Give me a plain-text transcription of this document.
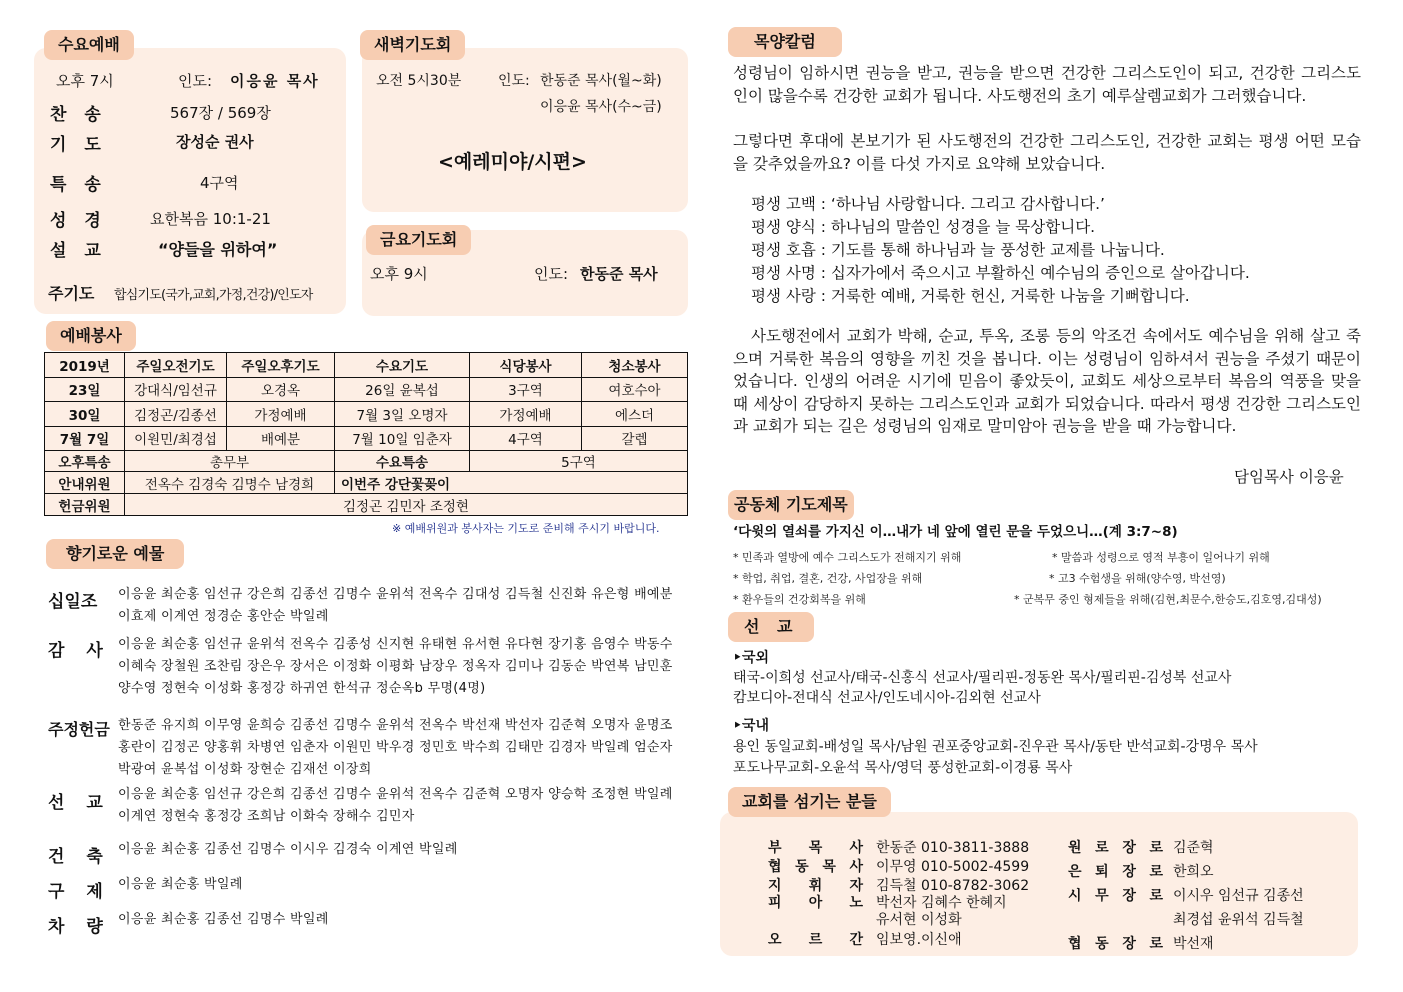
수요예배
오후 7시	인도: 이응윤 목사
찬 송	567장 / 569장
기 도	장성순 권사
특 송	4구역
성 경	요한복음 10:1-21
설 교	“양들을 위하여”
주기도 합심기도(국가,교회,가정,건강)/인도자
새벽기도회
오전 5시30분	인도: 한동준 목사(월~화)
이응윤 목사(수~금)
<예레미야/시편>
금요기도회
오후 9시	인도: 한동준 목사
예배봉사
2019년	주일오전기도	주일오후기도	수요기도	식당봉사	청소봉사
23일	강대식/임선규	오경옥	26일 윤복섭	3구역	여호수아
30일	김정곤/김종선	가정예배	7월 3일 오명자	가정예배	에스더
7월 7일	이원민/최경섭	배예분	7월 10일 임춘자	4구역	갈렙
오후특송	총무부		수요특송	5구역	
안내위원	전옥수 김경숙 김명수 남경희		이번주 강단꽃꽂이		
헌금위원	김정곤 김민자 조정현				
※ 예배위원과 봉사자는 기도로 준비해 주시기 바랍니다.
향기로운 예물
십일조 이응윤 최순홍 임선규 강은희 김종선 김명수 윤위석 전옥수 김대성 김득철 신진화 유은형 배예분 이효제 이계연 정경순 홍안순 박일례
감 사 이응윤 최순홍 임선규 윤위석 전옥수 김종성 신지현 유태현 유서현 유다현 장기홍 음영수 박동수 이혜숙 장철원 조찬림 장은우 장서은 이정화 이평화 남장우 정옥자 김미나 김동순 박연복 남민훈 양수영 정현숙 이성화 홍정강 하귀연 한석규 정순옥b 무명(4명)
주정헌금 한동준 유지희 이무영 윤희승 김종선 김명수 윤위석 전옥수 박선재 박선자 김준혁 오명자 윤명조 홍란이 김정곤 양홍휘 차병연 임춘자 이원민 박우경 정민호 박수희 김태만 김경자 박일례 엄순자 박광여 윤복섭 이성화 장현순 김재선 이장희
선 교 이응윤 최순홍 임선규 강은희 김종선 김명수 윤위석 전옥수 김준혁 오명자 양승학 조정현 박일례 이계연 정현숙 홍정강 조희남 이화숙 장해수 김민자
건 축 이응윤 최순홍 김종선 김명수 이시우 김경숙 이계연 박일례
구 제 이응윤 최순홍 박일례
차 량 이응윤 최순홍 김종선 김명수 박일례
목양칼럼
성령님이 임하시면 권능을 받고, 권능을 받으면 건강한 그리스도인이 되고, 건강한 그리스도인이 많을수록 건강한 교회가 됩니다. 사도행전의 초기 예루살렘교회가 그러했습니다.
그렇다면 후대에 본보기가 된 사도행전의 건강한 그리스도인, 건강한 교회는 평생 어떤 모습을 갖추었을까요? 이를 다섯 가지로 요약해 보았습니다.
평생 고백 : ‘하나님 사랑합니다. 그리고 감사합니다.’
평생 양식 : 하나님의 말씀인 성경을 늘 묵상합니다.
평생 호흡 : 기도를 통해 하나님과 늘 풍성한 교제를 나눕니다.
평생 사명 : 십자가에서 죽으시고 부활하신 예수님의 증인으로 살아갑니다.
평생 사랑 : 거룩한 예배, 거룩한 헌신, 거룩한 나눔을 기뻐합니다.
사도행전에서 교회가 박해, 순교, 투옥, 조롱 등의 악조건 속에서도 예수님을 위해 살고 죽으며 거룩한 복음의 영향을 끼친 것을 봅니다. 이는 성령님이 임하셔서 권능을 주셨기 때문이었습니다. 인생의 어려운 시기에 믿음이 좋았듯이, 교회도 세상으로부터 복음의 역풍을 맞을 때 세상이 감당하지 못하는 그리스도인과 교회가 되었습니다. 따라서 평생 건강한 그리스도인과 교회가 되는 길은 성령님의 임재로 말미암아 권능을 받을 때 가능합니다.
담임목사 이응윤
공동체 기도제목
‘다윗의 열쇠를 가지신 이…내가 네 앞에 열린 문을 두었으니…(계 3:7~8)
* 민족과 열방에 예수 그리스도가 전해지기 위해	* 말씀과 성령으로 영적 부흥이 일어나기 위해
* 학업, 취업, 결혼, 건강, 사업장을 위해	* 고3 수험생을 위해(양수영, 박선영)
* 환우들의 건강회복을 위해	* 군복무 중인 형제들을 위해(김현,최문수,한승도,김호영,김대성)
선 교
‣국외
태국-이희성 선교사/태국-신홍식 선교사/필리핀-정동완 목사/필리핀-김성복 선교사
캄보디아-전대식 선교사/인도네시아-김외현 선교사
‣국내
용인 동일교회-배성일 목사/남원 권포중앙교회-진우관 목사/동탄 반석교회-강명우 목사
포도나무교회-오윤석 목사/영덕 풍성한교회-이경룡 목사
교회를 섬기는 분들
부 목 사 한동준 010-3811-3888
협 동 목 사 이무영 010-5002-4599
지 휘 자 김득철 010-8782-3062
피 아 노 박선자 김혜수 한혜지
유서현 이성화
오 르 간 임보영.이신애
원 로 장 로 김준혁
은 퇴 장 로 한희오
시 무 장 로 이시우 임선규 김종선
최경섭 윤위석 김득철
협 동 장 로 박선재
